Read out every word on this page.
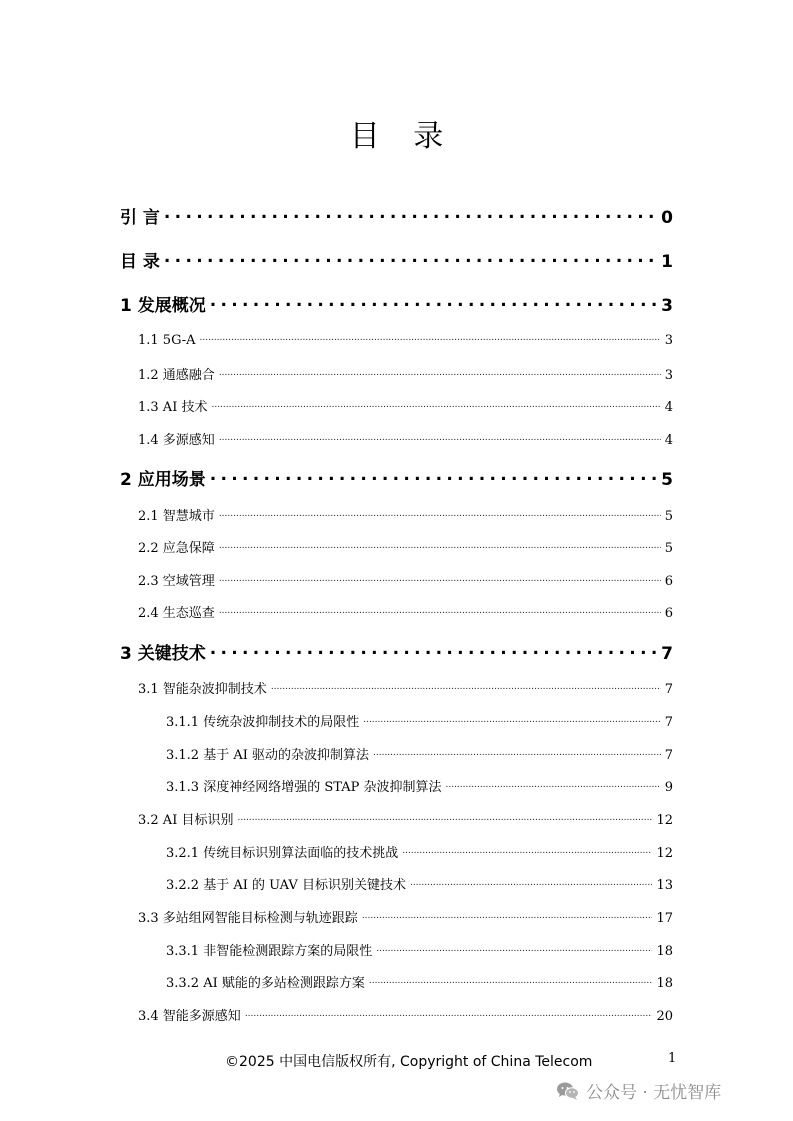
目 录
引 言 .....	0
目 录 .....	1
1 发展概况 .....	3
1.1 5G-A .....	3
1.2 通感融合 .....	3
1.3 AI 技术 .....	4
1.4 多源感知 .....	4
2 应用场景 .....	5
2.1 智慧城市 .....	5
2.2 应急保障 .....	5
2.3 空域管理 .....	6
2.4 生态巡查 .....	6
3 关键技术 .....	7
3.1 智能杂波抑制技术 .....	7
3.1.1 传统杂波抑制技术的局限性 .....	7
3.1.2 基于 AI 驱动的杂波抑制算法 .....	7
3.1.3 深度神经网络增强的 STAP 杂波抑制算法 .....	9
3.2 AI 目标识别 .....	12
3.2.1 传统目标识别算法面临的技术挑战 .....	12
3.2.2 基于 AI 的 UAV 目标识别关键技术 .....	13
3.3 多站组网智能目标检测与轨迹跟踪 .....	17
3.3.1 非智能检测跟踪方案的局限性 .....	18
3.3.2 AI 赋能的多站检测跟踪方案 .....	18
3.4 智能多源感知 .....	20
©2025 中国电信版权所有, Copyright of China Telecom	1
公众号 · 无忧智库
